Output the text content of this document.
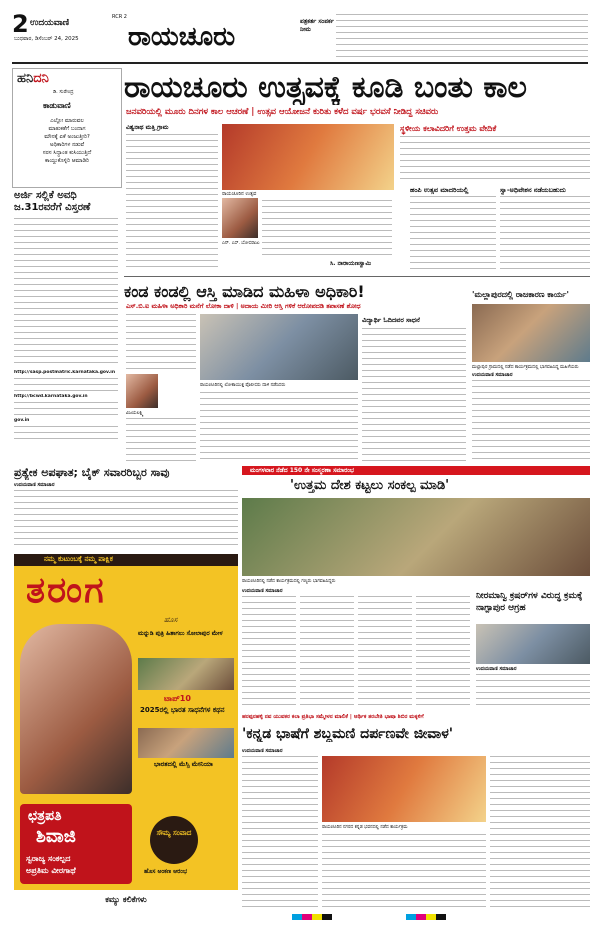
2 ಉದಯವಾಣಿ
RCR 2
ಬುಧವಾರ, ಡಿಸೆಂಬರ್ 24, 2025 ರಾಯಚೂರು
ಪತ್ರಕರ್ತ ಸಂಪರ್ಕ ನೀಮ
ಹನಿದನಿ
ಡಿ. ಸುರೇಂದ್ರ
ಕಾಡುವಾಣಿ
ಎಲ್ಲೋ ಮಾರುವಲ
ಮಾತುಕತೆಗೆ ಬಂದಾಗ
ಮೌನಕ್ಕೆ ಏಕೆ ಅಂಜುತ್ತೀರಿ?
ಅಧಿಕಾರಿಗಳ ನಡುವೆ
ಸರಸ ಸಿದ್ಧಾಂತ ಕುಸಿಯುತ್ತಿದೆ
ಕಾಯ್ದುಕೊಳ್ಳಿರಿ ಆಮಾಡಿರಿ
ಅರ್ಜಿ ಸಲ್ಲಿಕೆ ಅವಧಿ ಜ.31ರವರೆಗೆ ವಿಸ್ತರಣೆ
http://sasp.postmatric.karnataka.gov.in
http://bcwd.karnataka.gov.in
gov.in
ರಾಯಚೂರು ಉತ್ಸವಕ್ಕೆ ಕೂಡಿ ಬಂತು ಕಾಲ
ಜನವರಿಯಲ್ಲಿ ಮೂರು ದಿನಗಳ ಕಾಲ ಆಚರಣೆ | ಉತ್ಸವ ಆಯೋಜನೆ ಕುರಿತು ಕಳೆದ ವರ್ಷ ಭರವಸೆ ನೀಡಿದ್ದ ಸಚಿವರು
ವಿಶ್ವನಾಥ ಮತ್ತಿ ಗ್ರಾಮ
ರಾಯಚೂರಿನ ಉತ್ಸವ
ಎನ್. ಎಸ್. ಬೋಸರಾಜು
ಸಿ. ನಾರಾಯಣಸ್ವಾಮಿ
ಸ್ಥಳೀಯ ಕಲಾವಿದರಿಗೆ ಉತ್ತಮ ವೇದಿಕೆ
ಹಂಪಿ ಉತ್ಸವ ಮಾದರಿಯಲ್ಲಿ	ಸ್ವಾ-ಅಧಿವೇಶನ ನಡೆಯಬಹುದು
ಕಂಡ ಕಂಡಲ್ಲಿ ಆಸ್ತಿ ಮಾಡಿದ ಮಹಿಳಾ ಅಧಿಕಾರಿ!
ಎಸ್.ಬಿ.ಐ ಮಹಿಳಾ ಅಧಿಕಾರಿ ಮನೆಗೆ ಲೋಕಾ ದಾಳಿ | ಅದಾಯ ಮೀರಿ ಆಸ್ತಿ ಗಳಿಕೆ ಆರೋಪದಡಿ ತಪಾಸಣೆ ಶೋಧ
ವಿಜಯಲಕ್ಷ್ಮಿ
ರಾಯಚೂರಿನಲ್ಲಿ ಲೋಕಾಯುಕ್ತ ಪೊಲೀಸರು ದಾಳಿ ನಡೆಸಿದರು
ವಿದ್ಯಾರ್ಥಿ ಓದಿದವರ ಸಾಧನೆ
'ಮಲ್ಲಾಪುರದಲ್ಲಿ ರಾಜಕಾರಣ ಕಾರ್ಯ'
ಮಲ್ಲಾಪುರ ಗ್ರಾಮದಲ್ಲಿ ನಡೆದ ಕಾರ್ಯಕ್ರಮದಲ್ಲಿ ಭಾಗವಹಿಸಿದ್ದ ಮಹಿಳೆಯರು
ಉದಯವಾಣಿ ಸಮಾಚಾರ
ಪ್ರತ್ಯೇಕ ಅಪಘಾತ; ಬೈಕ್ ಸವಾರರಿಬ್ಬರ ಸಾವು
ಉದಯವಾಣಿ ಸಮಾಚಾರ
ಮಂಗಳವಾರ ನೆಡೆದ 150 ನೇ ಸಂಸ್ಮರಣಾ ಸಮಾರಂಭ
'ಉತ್ತಮ ದೇಶ ಕಟ್ಟಲು ಸಂಕಲ್ಪ ಮಾಡಿ'
ರಾಯಚೂರಿನಲ್ಲಿ ನಡೆದ ಕಾರ್ಯಕ್ರಮದಲ್ಲಿ ಗಣ್ಯರು ಭಾಗವಹಿಸಿದ್ದರು
ಉದಯವಾಣಿ ಸಮಾಚಾರ	ನೀರಮಾನ್ವಿ ಕ್ರಷರ್‌ಗಳ ವಿರುದ್ಧ ಕ್ರಮಕ್ಕೆ ನಾಗ್ಪಾಪುರ ಆಗ್ರಹ
ಉದಯವಾಣಿ ಸಮಾಚಾರ
ಹರಪ್ಪನಹಳ್ಳಿ ನವ ಯುವಕರ ಕಲಾ ಪ್ರತಿಭಾ ಸಮ್ಮೇಳನ ಮಾಲಿಕೆ | ಆರ್ಥಿಕ ತರಬೇತಿ ಭಾಷಾ ಶಿಬಿರ ಮಕ್ಕಳಿಗೆ
'ಕನ್ನಡ ಭಾಷೆಗೆ ಶಬ್ದಮಣಿ ದರ್ಪಣವೇ ಜೀವಾಳ'
ಉದಯವಾಣಿ ಸಮಾಚಾರ
ರಾಯಚೂರಿನ ನಗರದ ಕನ್ನಡ ಭವನದಲ್ಲಿ ನಡೆದ ಕಾರ್ಯಕ್ರಮ
ನಮ್ಮ ಕುಟುಂಬಕ್ಕೆ ನಮ್ಮ ಪಾಕ್ಷಿಕ
ತರಂಗ
ಹೊಸ
ಮನ್ನುಡಿ ಪುತ್ರಿ ಹಿತಾಗಲು ಸೋಲಾಪುರ ಮೇಳ
ಟಾಪ್10
2025ರಲ್ಲಿ ಭಾರತ ಸಾಧನೆಗಳ ಕಥನ
ಭಾರತದಲ್ಲಿ ಮೆಸ್ಸಿ ಮೇನಿಯಾ
ಛತ್ರಪತಿ
ಶಿವಾಜಿ
ಸ್ವರಾಜ್ಯ ಸಂಕಲ್ಪದ
ಅಪ್ರತಿಮ ವೀರಗಾಥೆ
ಸೌಮ್ಯ ಸಂವಾದ
ಹೊಸ ಅಂಕಣ ಆರಂಭ
ಕಮ್ಯು ಕಲಿಕೆಗಳು
